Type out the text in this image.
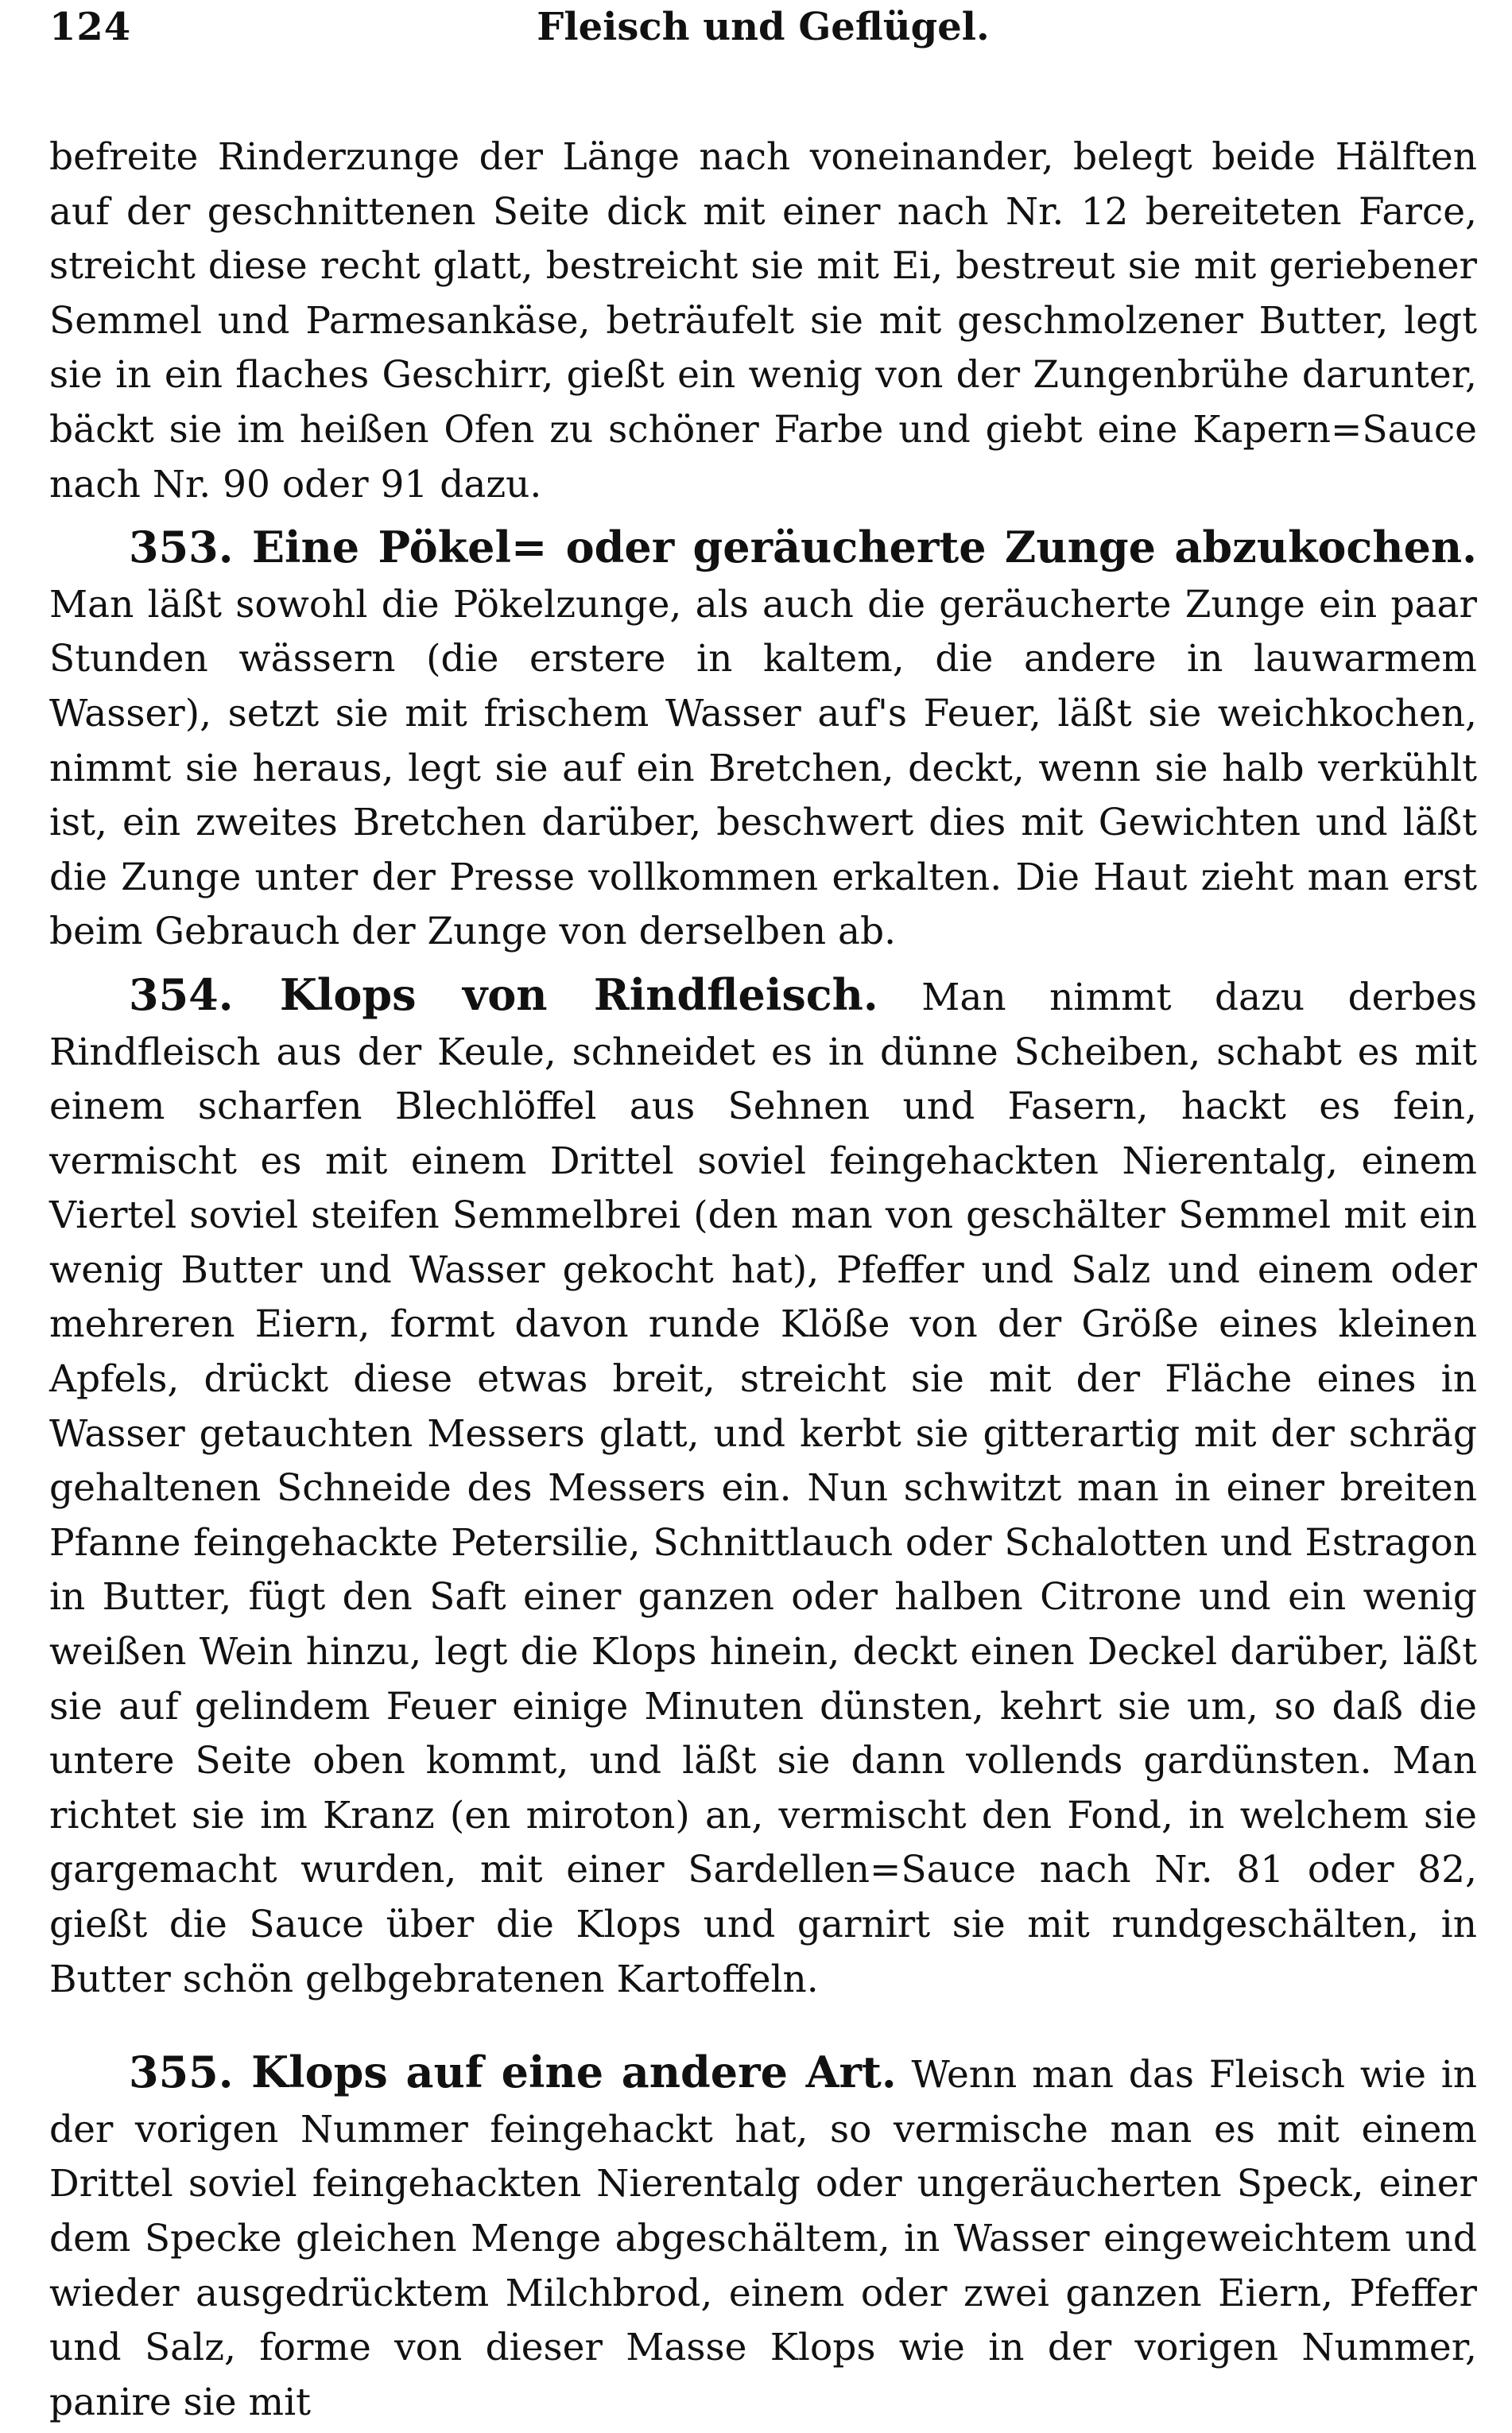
124	Fleisch und Geflügel.

befreite Rinderzunge der Länge nach voneinander, belegt beide Hälften auf der geschnittenen Seite dick mit einer nach Nr. 12 bereiteten Farce, streicht diese recht glatt, bestreicht sie mit Ei, bestreut sie mit geriebener Semmel und Parmesankäse, beträufelt sie mit geschmolzener Butter, legt sie in ein flaches Geschirr, gießt ein wenig von der Zungenbrühe darunter, bäckt sie im heißen Ofen zu schöner Farbe und giebt eine Kapern=Sauce nach Nr. 90 oder 91 dazu.

353. Eine Pökel= oder geräucherte Zunge abzukochen. Man läßt sowohl die Pökelzunge, als auch die geräucherte Zunge ein paar Stunden wässern (die erstere in kaltem, die andere in lauwarmem Wasser), setzt sie mit frischem Wasser auf's Feuer, läßt sie weichkochen, nimmt sie heraus, legt sie auf ein Bretchen, deckt, wenn sie halb verkühlt ist, ein zweites Bretchen darüber, beschwert dies mit Gewichten und läßt die Zunge unter der Presse vollkommen erkalten. Die Haut zieht man erst beim Gebrauch der Zunge von derselben ab.

354. Klops von Rindfleisch. Man nimmt dazu derbes Rindfleisch aus der Keule, schneidet es in dünne Scheiben, schabt es mit einem scharfen Blechlöffel aus Sehnen und Fasern, hackt es fein, vermischt es mit einem Drittel soviel feingehackten Nierentalg, einem Viertel soviel steifen Semmelbrei (den man von geschälter Semmel mit ein wenig Butter und Wasser gekocht hat), Pfeffer und Salz und einem oder mehreren Eiern, formt davon runde Klöße von der Größe eines kleinen Apfels, drückt diese etwas breit, streicht sie mit der Fläche eines in Wasser getauchten Messers glatt, und kerbt sie gitterartig mit der schräg gehaltenen Schneide des Messers ein. Nun schwitzt man in einer breiten Pfanne feingehackte Petersilie, Schnittlauch oder Schalotten und Estragon in Butter, fügt den Saft einer ganzen oder halben Citrone und ein wenig weißen Wein hinzu, legt die Klops hinein, deckt einen Deckel darüber, läßt sie auf gelindem Feuer einige Minuten dünsten, kehrt sie um, so daß die untere Seite oben kommt, und läßt sie dann vollends gardünsten. Man richtet sie im Kranz (en miroton) an, vermischt den Fond, in welchem sie gargemacht wurden, mit einer Sardellen=Sauce nach Nr. 81 oder 82, gießt die Sauce über die Klops und garnirt sie mit rundgeschälten, in Butter schön gelbgebratenen Kartoffeln.

355. Klops auf eine andere Art. Wenn man das Fleisch wie in der vorigen Nummer feingehackt hat, so vermische man es mit einem Drittel soviel feingehackten Nierentalg oder ungeräucherten Speck, einer dem Specke gleichen Menge abgeschältem, in Wasser eingeweichtem und wieder ausgedrücktem Milchbrod, einem oder zwei ganzen Eiern, Pfeffer und Salz, forme von dieser Masse Klops wie in der vorigen Nummer, panire sie mit
